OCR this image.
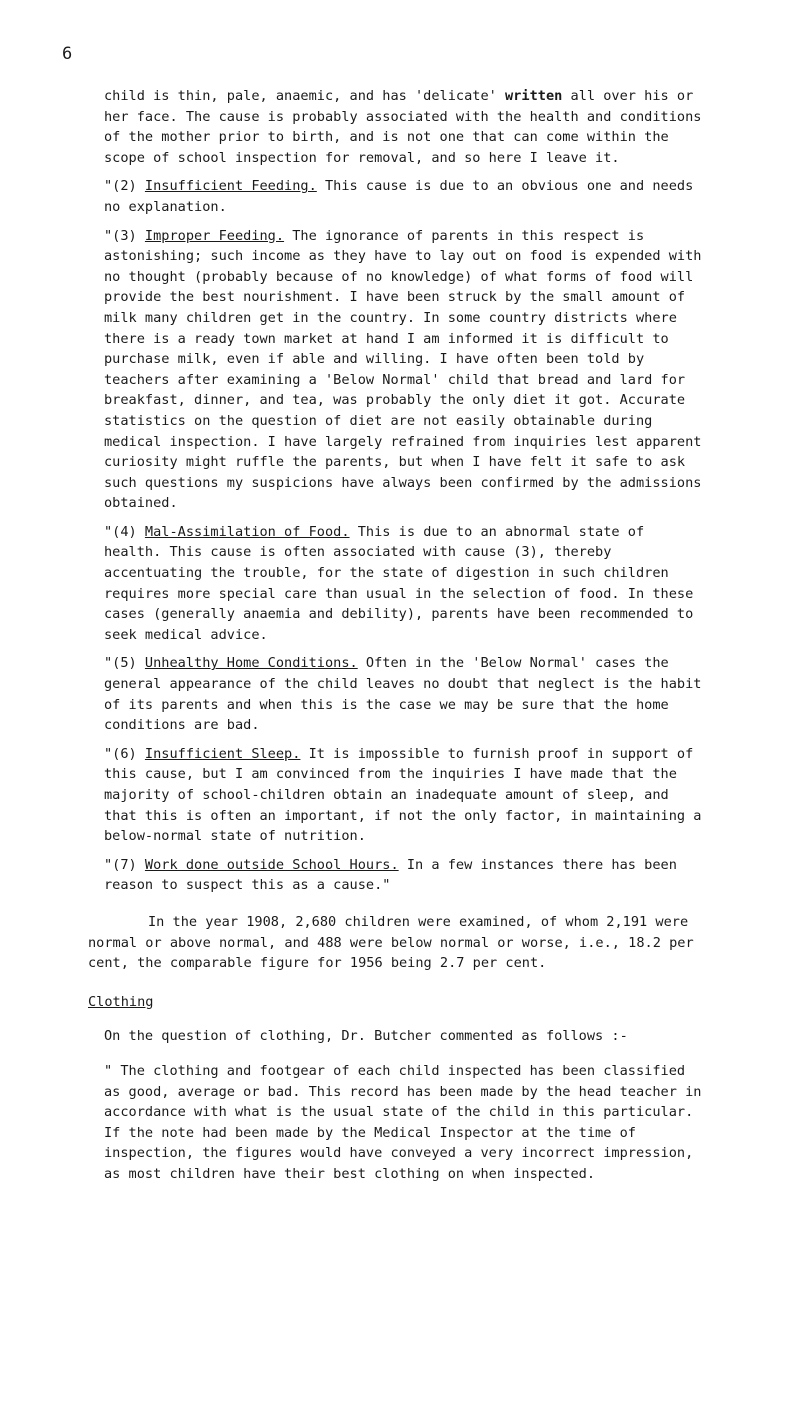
6

child is thin, pale, anaemic, and has 'delicate' written all over his or her face. The cause is probably associated with the health and conditions of the mother prior to birth, and is not one that can come within the scope of school inspection for removal, and so here I leave it.

"(2) Insufficient Feeding. This cause is due to an obvious one and needs no explanation.

"(3) Improper Feeding. The ignorance of parents in this respect is astonishing; such income as they have to lay out on food is expended with no thought (probably because of no knowledge) of what forms of food will provide the best nourishment. I have been struck by the small amount of milk many children get in the country. In some country districts where there is a ready town market at hand I am informed it is difficult to purchase milk, even if able and willing. I have often been told by teachers after examining a 'Below Normal' child that bread and lard for breakfast, dinner, and tea, was probably the only diet it got. Accurate statistics on the question of diet are not easily obtainable during medical inspection. I have largely refrained from inquiries lest apparent curiosity might ruffle the parents, but when I have felt it safe to ask such questions my suspicions have always been confirmed by the admissions obtained.

"(4) Mal-Assimilation of Food. This is due to an abnormal state of health. This cause is often associated with cause (3), thereby accentuating the trouble, for the state of digestion in such children requires more special care than usual in the selection of food. In these cases (generally anaemia and debility), parents have been recommended to seek medical advice.

"(5) Unhealthy Home Conditions. Often in the 'Below Normal' cases the general appearance of the child leaves no doubt that neglect is the habit of its parents and when this is the case we may be sure that the home conditions are bad.

"(6) Insufficient Sleep. It is impossible to furnish proof in support of this cause, but I am convinced from the inquiries I have made that the majority of school-children obtain an inadequate amount of sleep, and that this is often an important, if not the only factor, in maintaining a below-normal state of nutrition.

"(7) Work done outside School Hours. In a few instances there has been reason to suspect this as a cause."

In the year 1908, 2,680 children were examined, of whom 2,191 were normal or above normal, and 488 were below normal or worse, i.e., 18.2 per cent, the comparable figure for 1956 being 2.7 per cent.

Clothing

On the question of clothing, Dr. Butcher commented as follows :-

" The clothing and footgear of each child inspected has been classified as good, average or bad. This record has been made by the head teacher in accordance with what is the usual state of the child in this particular. If the note had been made by the Medical Inspector at the time of inspection, the figures would have conveyed a very incorrect impression, as most children have their best clothing on when inspected.
